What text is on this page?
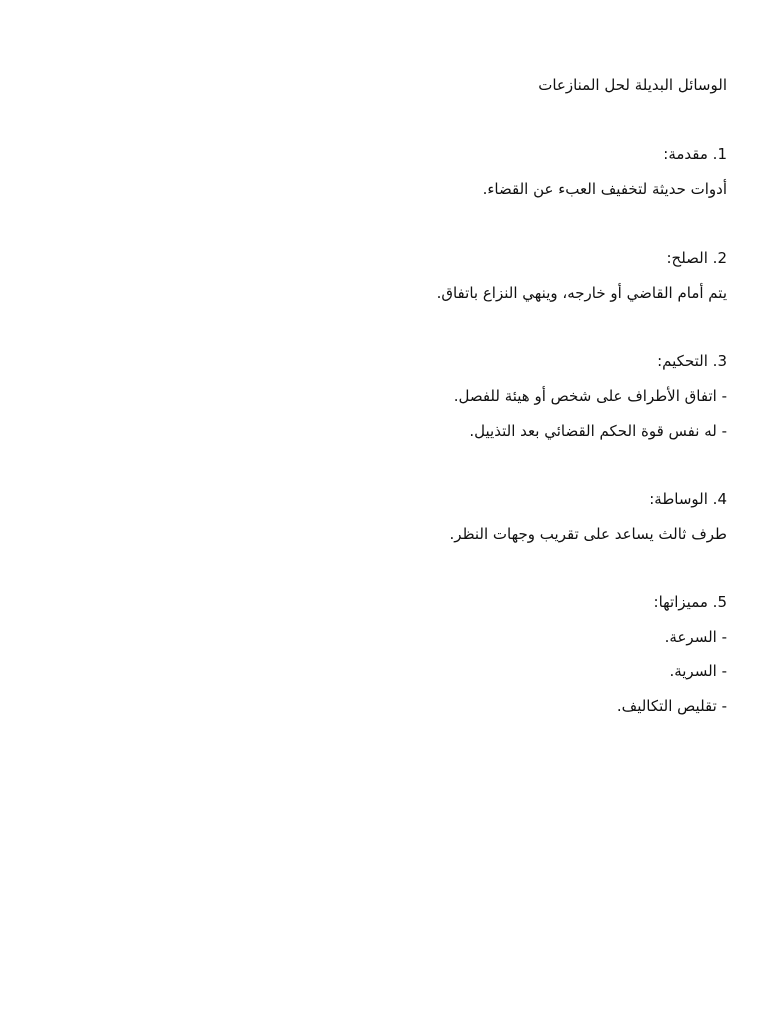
الوسائل البديلة لحل المنازعات
1. مقدمة:
أدوات حديثة لتخفيف العبء عن القضاء.
2. الصلح:
يتم أمام القاضي أو خارجه، وينهي النزاع باتفاق.
3. التحكيم:
- اتفاق الأطراف على شخص أو هيئة للفصل.
- له نفس قوة الحكم القضائي بعد التذييل.
4. الوساطة:
طرف ثالث يساعد على تقريب وجهات النظر.
5. مميزاتها:
- السرعة.
- السرية.
- تقليص التكاليف.
